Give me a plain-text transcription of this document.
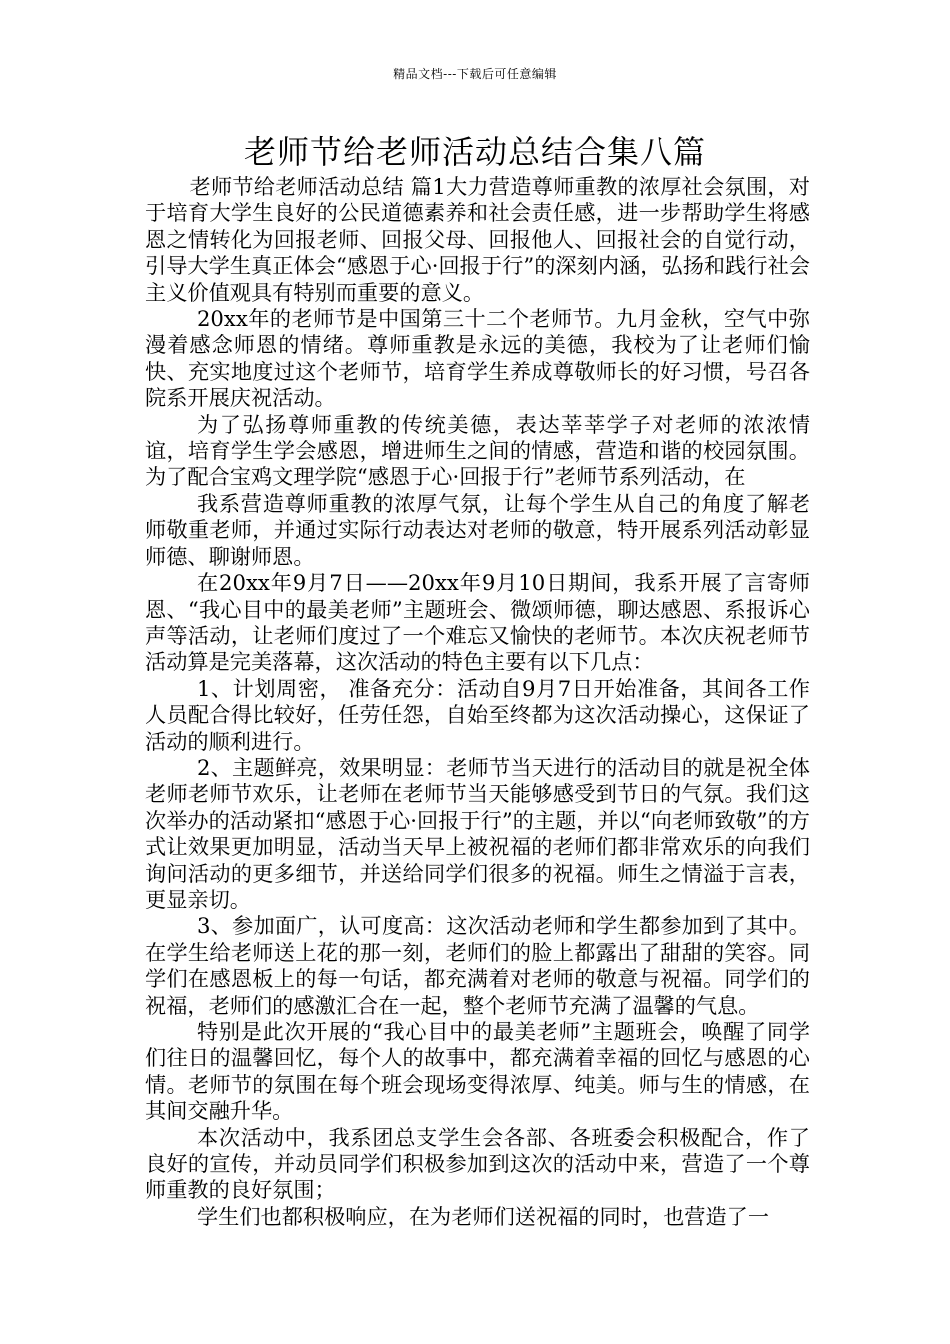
精品文档---下载后可任意编辑
老师节给老师活动总结合集八篇

老师节给老师活动总结 篇1大力营造尊师重教的浓厚社会氛围，对于培育大学生良好的公民道德素养和社会责任感，进一步帮助学生将感恩之情转化为回报老师、回报父母、回报他人、回报社会的自觉行动，引导大学生真正体会“感恩于心·回报于行”的深刻内涵，弘扬和践行社会主义价值观具有特别而重要的意义。

20xx年的老师节是中国第三十二个老师节。九月金秋，空气中弥漫着感念师恩的情绪。尊师重教是永远的美德，我校为了让老师们愉快、充实地度过这个老师节，培育学生养成尊敬师长的好习惯，号召各院系开展庆祝活动。

为了弘扬尊师重教的传统美德，表达莘莘学子对老师的浓浓情谊，培育学生学会感恩，增进师生之间的情感，营造和谐的校园氛围。为了配合宝鸡文理学院“感恩于心·回报于行”老师节系列活动，在

我系营造尊师重教的浓厚气氛，让每个学生从自己的角度了解老师敬重老师，并通过实际行动表达对老师的敬意，特开展系列活动彰显师德、聊谢师恩。

在20xx年9月7日——20xx年9月10日期间，我系开展了言寄师恩、“我心目中的最美老师”主题班会、微颂师德，聊达感恩、系报诉心声等活动，让老师们度过了一个难忘又愉快的老师节。本次庆祝老师节活动算是完美落幕，这次活动的特色主要有以下几点：

1、计划周密， 准备充分：活动自9月7日开始准备，其间各工作人员配合得比较好，任劳任怨，自始至终都为这次活动操心，这保证了活动的顺利进行。

2、主题鲜亮，效果明显：老师节当天进行的活动目的就是祝全体老师老师节欢乐，让老师在老师节当天能够感受到节日的气氛。我们这次举办的活动紧扣“感恩于心·回报于行”的主题，并以“向老师致敬”的方式让效果更加明显，活动当天早上被祝福的老师们都非常欢乐的向我们询问活动的更多细节，并送给同学们很多的祝福。师生之情溢于言表，更显亲切。

3、参加面广，认可度高：这次活动老师和学生都参加到了其中。在学生给老师送上花的那一刻，老师们的脸上都露出了甜甜的笑容。同学们在感恩板上的每一句话，都充满着对老师的敬意与祝福。同学们的祝福，老师们的感激汇合在一起，整个老师节充满了温馨的气息。

特别是此次开展的“我心目中的最美老师”主题班会，唤醒了同学们往日的温馨回忆，每个人的故事中，都充满着幸福的回忆与感恩的心情。老师节的氛围在每个班会现场变得浓厚、纯美。师与生的情感，在其间交融升华。

本次活动中，我系团总支学生会各部、各班委会积极配合，作了良好的宣传，并动员同学们积极参加到这次的活动中来，营造了一个尊师重教的良好氛围；

学生们也都积极响应，在为老师们送祝福的同时，也营造了一
